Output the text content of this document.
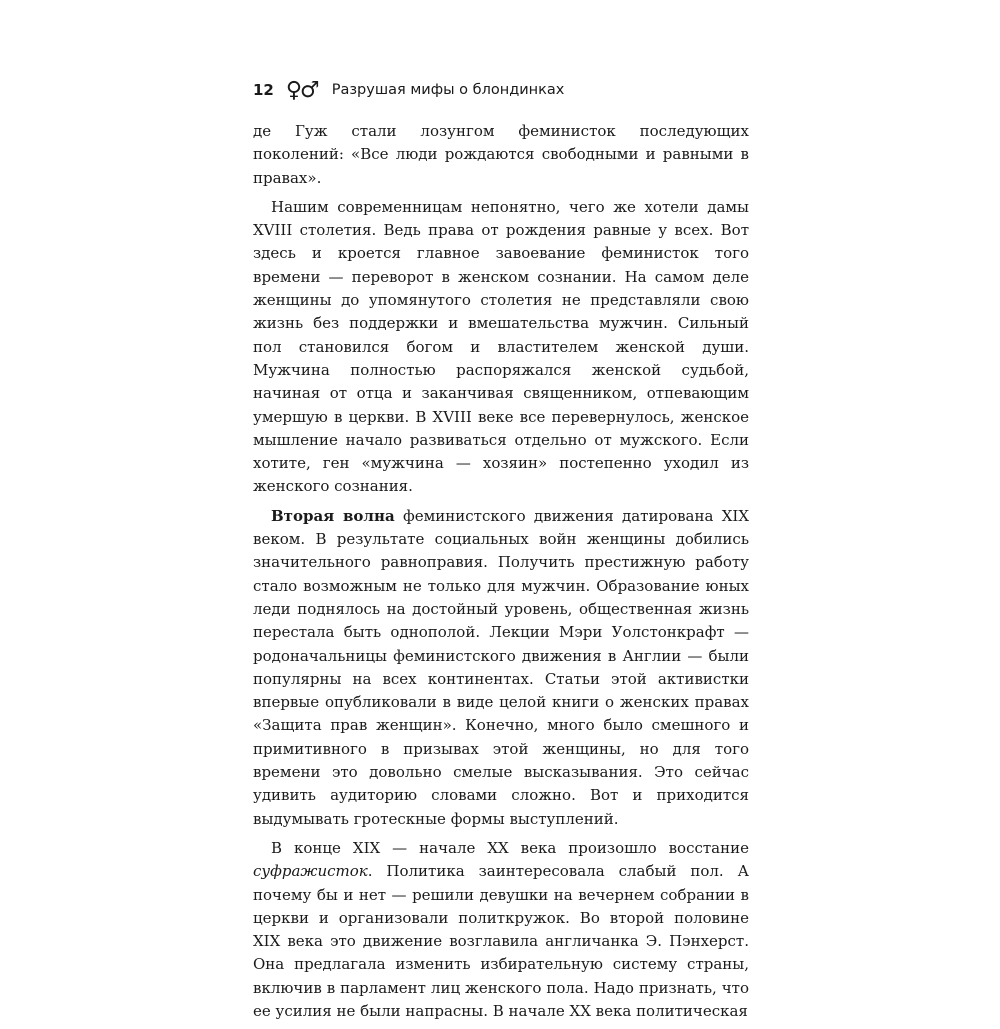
12 ♀♂ Разрушая мифы о блондинках

де Гуж стали лозунгом феминисток последующих поколений: «Все люди рождаются свободными и равными в правах».

Нашим современницам непонятно, чего же хотели дамы XVIII столетия. Ведь права от рождения равные у всех. Вот здесь и кроется главное завоевание феминисток того времени — переворот в женском сознании. На самом деле женщины до упомянутого столетия не представляли свою жизнь без поддержки и вмешательства мужчин. Сильный пол становился богом и властителем женской души. Мужчина полностью распоряжался женской судьбой, начиная от отца и заканчивая священником, отпевающим умершую в церкви. В XVIII веке все перевернулось, женское мышление начало развиваться отдельно от мужского. Если хотите, ген «мужчина — хозяин» постепенно уходил из женского сознания.

Вторая волна феминистского движения датирована XIX веком. В результате социальных войн женщины добились значительного равноправия. Получить престижную работу стало возможным не только для мужчин. Образование юных леди поднялось на достойный уровень, общественная жизнь перестала быть однополой. Лекции Мэри Уолстонкрафт — родоначальницы феминистского движения в Англии — были популярны на всех континентах. Статьи этой активистки впервые опубликовали в виде целой книги о женских правах «Защита прав женщин». Конечно, много было смешного и примитивного в призывах этой женщины, но для того времени это довольно смелые высказывания. Это сейчас удивить аудиторию словами сложно. Вот и приходится выдумывать гротескные формы выступлений.

В конце XIX — начале XX века произошло восстание суфражисток. Политика заинтересовала слабый пол. А почему бы и нет — решили девушки на вечернем собрании в церкви и организовали политкружок. Во второй половине XIX века это движение возглавила англичанка Э. Пэнхерст. Она предлагала изменить избирательную систему страны, включив в парламент лиц женского пола. Надо признать, что ее усилия не были напрасны. В начале XX века политическая
